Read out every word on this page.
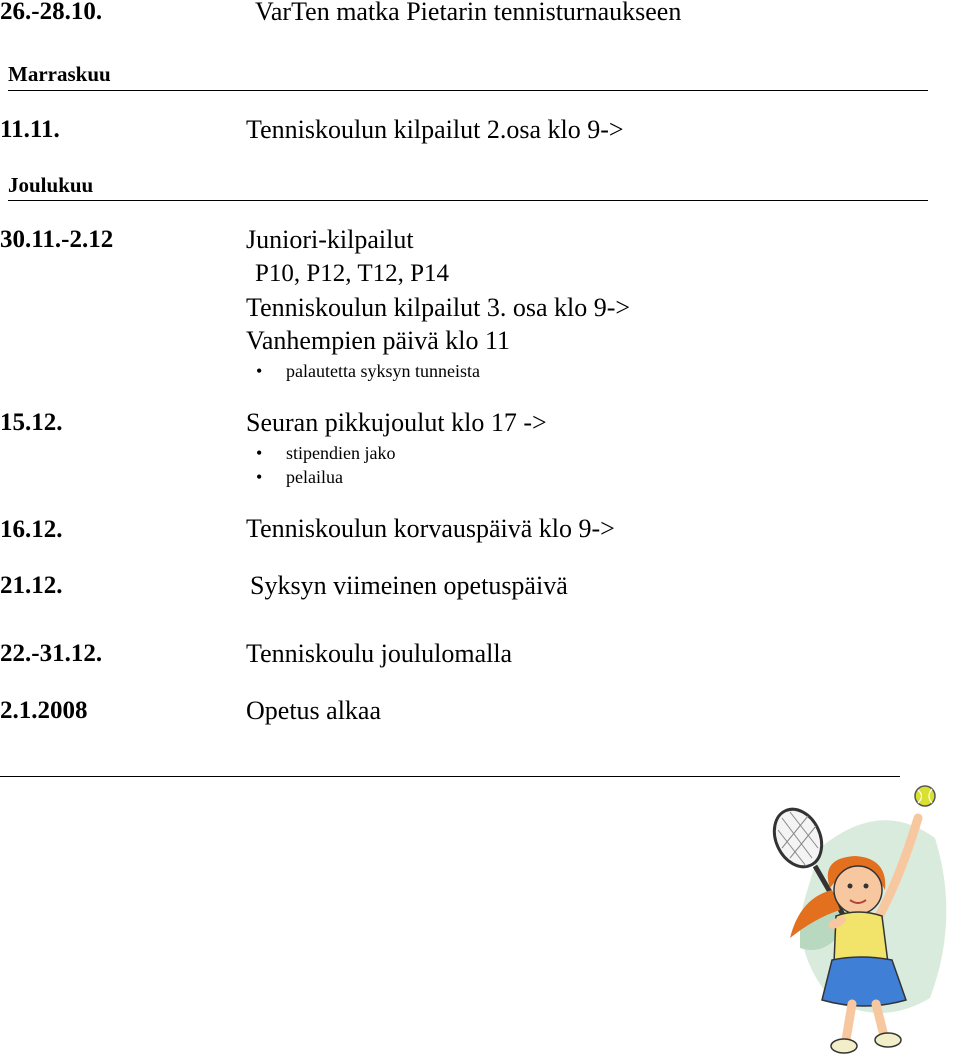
26.-28.10.	VarTen matka Pietarin tennisturnaukseen
Marraskuu
11.11.	Tenniskoulun kilpailut 2.osa klo 9->
Joulukuu
30.11.-2.12	Juniori-kilpailut
P10, P12, T12, P14
Tenniskoulun kilpailut 3. osa klo 9->
Vanhempien päivä klo 11
• palautetta syksyn tunneista
15.12.	Seuran pikkujoulut klo 17 ->
• stipendien jako
• pelailua
16.12.	Tenniskoulun korvauspäivä klo 9->
21.12.	Syksyn viimeinen opetuspäivä
22.-31.12.	Tenniskoulu joululomalla
2.1.2008	Opetus alkaa
